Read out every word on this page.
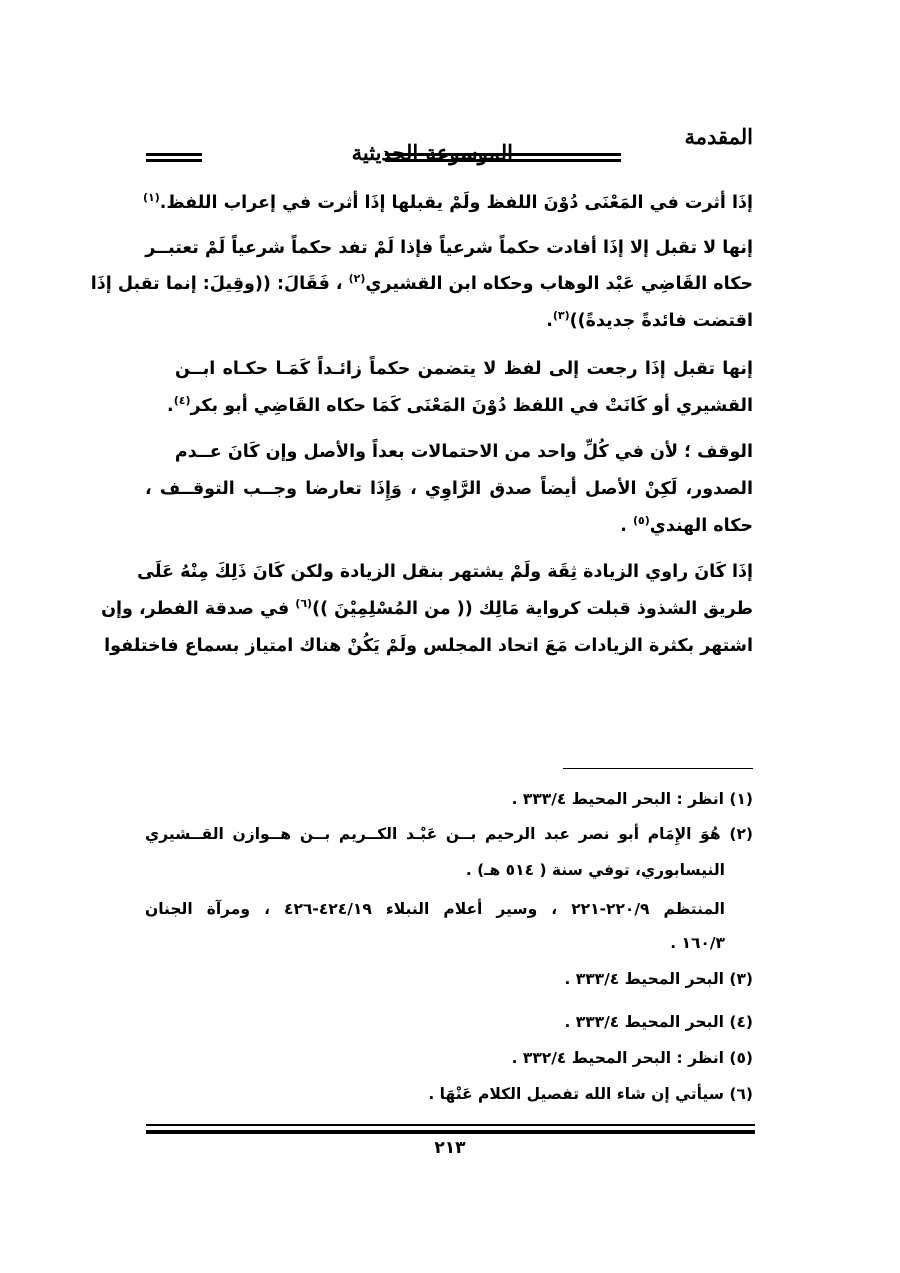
المقدمة
الموسوعة الحديثية
إذَا أثرت في المَعْنَى دُوْنَ اللفظ ولَمْ يقبلها إذَا أثرت في إعراب اللفظ.$^{(١)}$
إنها لا تقبل إلا إذَا أفادت حكماً شرعياً فإذا لَمْ تفد حكماً شرعياً لَمْ تعتبــر
حكاه القَاضِي عَبْد الوهاب وحكاه ابن القشيري$^{(٢)}$ ، فَقَالَ: ((وقِيلَ: إنما تقبل إذَا
اقتضت فائدةً جديدةً))$^{(٣)}$.
إنها تقبل إذَا رجعت إلى لفظ لا يتضمن حكماً زائـداً كَمَـا حكـاه ابــن
القشيري أو كَانَتْ في اللفظ دُوْنَ المَعْنَى كَمَا حكاه القَاضِي أبو بكر$^{(٤)}$.
الوقف ؛ لأن في كُلِّ واحد من الاحتمالات بعداً والأصل وإن كَانَ عــدم
الصدور، لَكِنْ الأصل أيضاً صدق الرَّاوِي ، وَإِذَا تعارضا وجــب التوقــف ،
حكاه الهندي$^{(٥)}$ .
إذَا كَانَ راوي الزيادة ثِقَة ولَمْ يشتهر بنقل الزيادة ولكن كَانَ ذَلِكَ مِنْهُ عَلَى
طريق الشذوذ قبلت كرواية مَالِك (( من المُسْلِمِيْنَ ))$^{(٦)}$ في صدقة الفطر، وإن
اشتهر بكثرة الزيادات مَعَ اتحاد المجلس ولَمْ يَكُنْ هناك امتياز بسماع فاختلفوا
(١) انظر : البحر المحيط ٣٣٣/٤ .
(٢) هُوَ الإِمَام أبو نصر عبد الرحيم بــن عَبْـد الكــريم بــن هــوازن القــشيري
النيسابوري، توفي سنة ( ٥١٤ هـ) .
المنتظم ٢٢٠/٩-٢٢١ ، وسير أعلام النبلاء ٤٢٤/١٩-٤٢٦ ، ومرآة الجنان
١٦٠/٣ .
(٣) البحر المحيط ٣٣٣/٤ .
(٤) البحر المحيط ٣٣٣/٤ .
(٥) انظر : البحر المحيط ٣٣٢/٤ .
(٦) سيأتي إن شاء الله تفصيل الكلام عَنْهَا .
٢١٣
